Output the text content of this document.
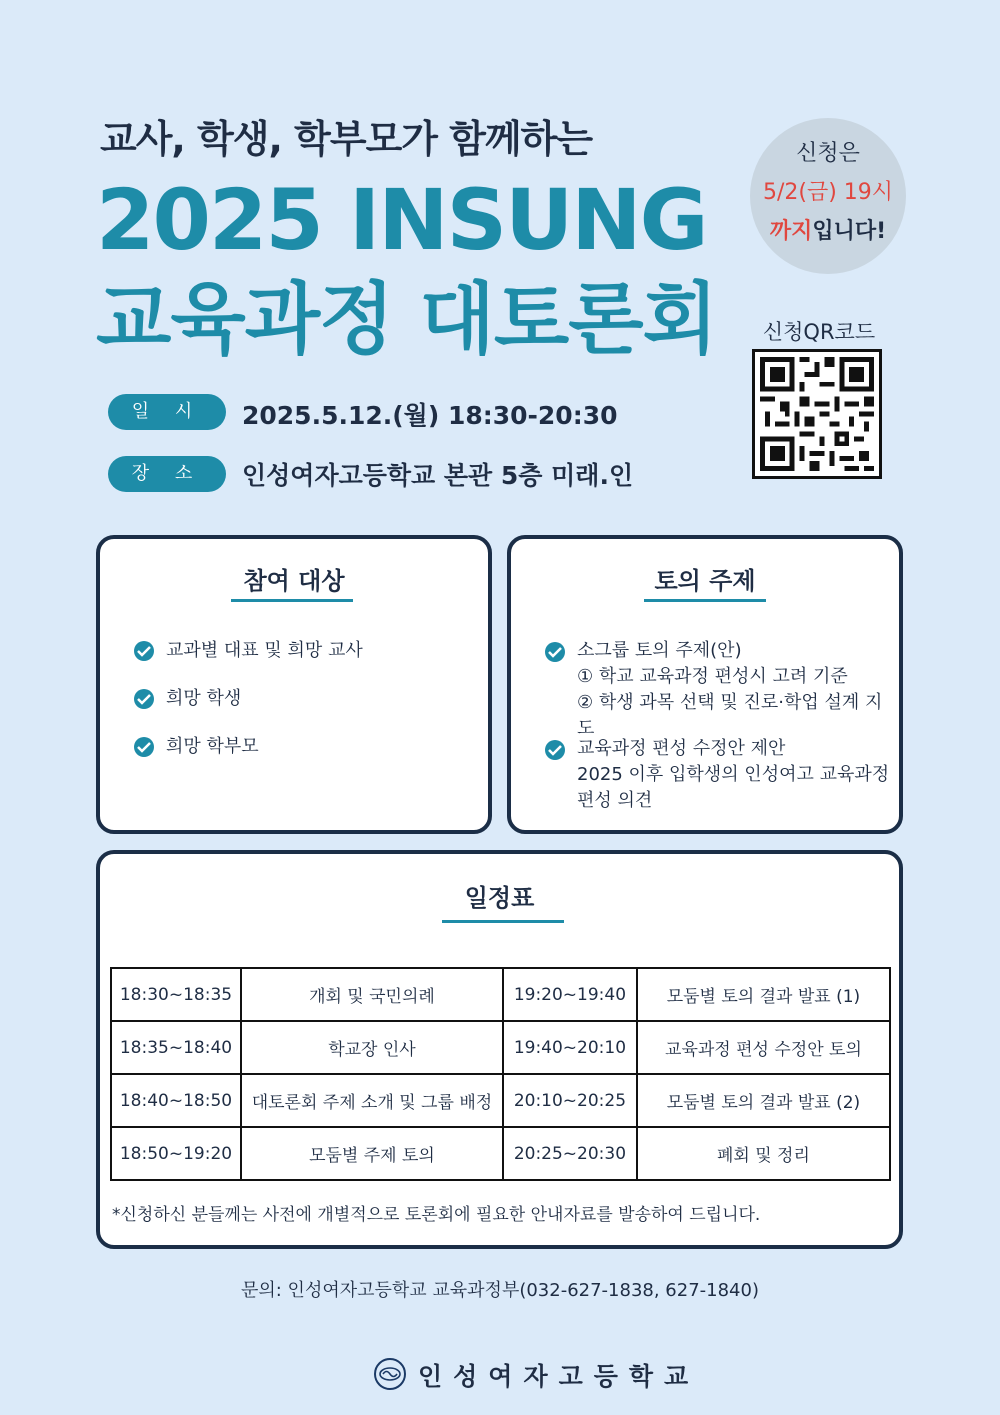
교사, 학생, 학부모가 함께하는
2025 INSUNG
교육과정 대토론회
신청은
5/2(금) 19시
까지입니다!
신청QR코드
일 시	2025.5.12.(월) 18:30-20:30
장 소	인성여자고등학교 본관 5층 미래.인
참여 대상
교과별 대표 및 희망 교사
희망 학생
희망 학부모
토의 주제
소그룹 토의 주제(안)
① 학교 교육과정 편성시 고려 기준
② 학생 과목 선택 및 진로·학업 설계 지도
교육과정 편성 수정안 제안
2025 이후 입학생의 인성여고 교육과정
편성 의견
일정표
18:30~18:35	개회 및 국민의례	19:20~19:40	모둠별 토의 결과 발표 (1)
18:35~18:40	학교장 인사	19:40~20:10	교육과정 편성 수정안 토의
18:40~18:50	대토론회 주제 소개 및 그룹 배정	20:10~20:25	모둠별 토의 결과 발표 (2)
18:50~19:20	모둠별 주제 토의	20:25~20:30	폐회 및 정리
*신청하신 분들께는 사전에 개별적으로 토론회에 필요한 안내자료를 발송하여 드립니다.
문의: 인성여자고등학교 교육과정부(032-627-1838, 627-1840)
인성여자고등학교
